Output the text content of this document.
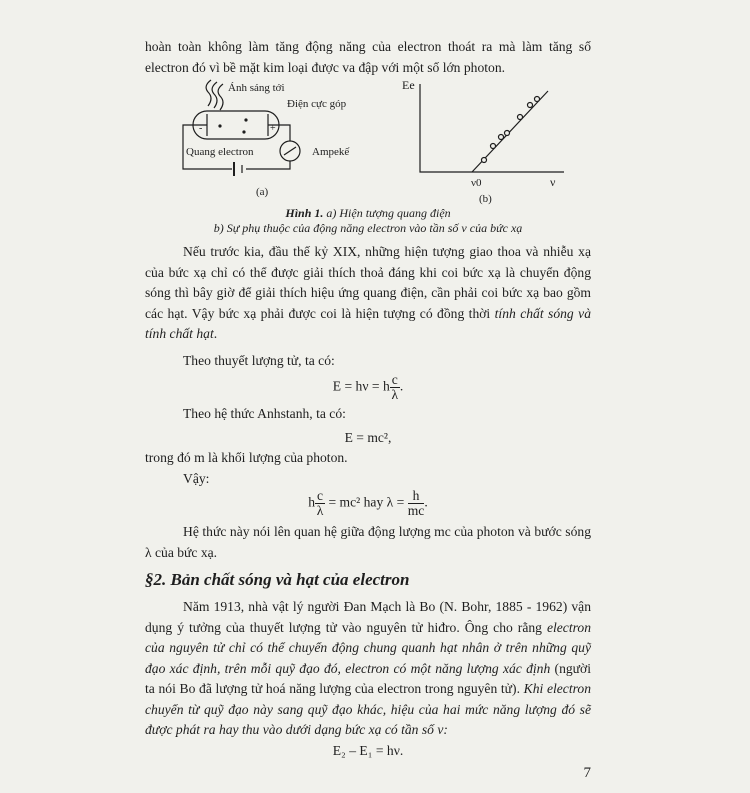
hoàn toàn không làm tăng động năng của electron thoát ra mà làm tăng số electron đó vì bề mặt kim loại được va đập với một số lớn photon.
Ánh sáng tới
Điện cực góp
Quang electron	Ampekế
-	+
(a)
Ee
ν0	ν
(b)
Hình 1. a) Hiện tượng quang điện
b) Sự phụ thuộc của động năng electron vào tần số ν của bức xạ
Nếu trước kia, đầu thế kỷ XIX, những hiện tượng giao thoa và nhiễu xạ của bức xạ chỉ có thể được giải thích thoả đáng khi coi bức xạ là chuyển động sóng thì bây giờ để giải thích hiệu ứng quang điện, cần phải coi bức xạ bao gồm các hạt. Vậy bức xạ phải được coi là hiện tượng có đồng thời tính chất sóng và tính chất hạt.
Theo thuyết lượng tử, ta có:
E = hν = h $\frac{c}{\lambda}$ .
Theo hệ thức Anhstanh, ta có:
E = mc²,
trong đó m là khối lượng của photon.
Vậy:
h $\frac{c}{\lambda} = mc^2$ hay $\lambda = \frac{h}{mc}$ .
Hệ thức này nói lên quan hệ giữa động lượng mc của photon và bước sóng λ của bức xạ.
§2. Bản chất sóng và hạt của electron
Năm 1913, nhà vật lý người Đan Mạch là Bo (N. Bohr, 1885 - 1962) vận dụng ý tưởng của thuyết lượng tử vào nguyên tử hiđro. Ông cho rằng electron của nguyên tử chỉ có thể chuyển động chung quanh hạt nhân ở trên những quỹ đạo xác định, trên mỗi quỹ đạo đó, electron có một năng lượng xác định (người ta nói Bo đã lượng tử hoá năng lượng của electron trong nguyên tử). Khi electron chuyển từ quỹ đạo này sang quỹ đạo khác, hiệu của hai mức năng lượng đó sẽ được phát ra hay thu vào dưới dạng bức xạ có tần số ν:
E₂ – E₁ = hν.
7
